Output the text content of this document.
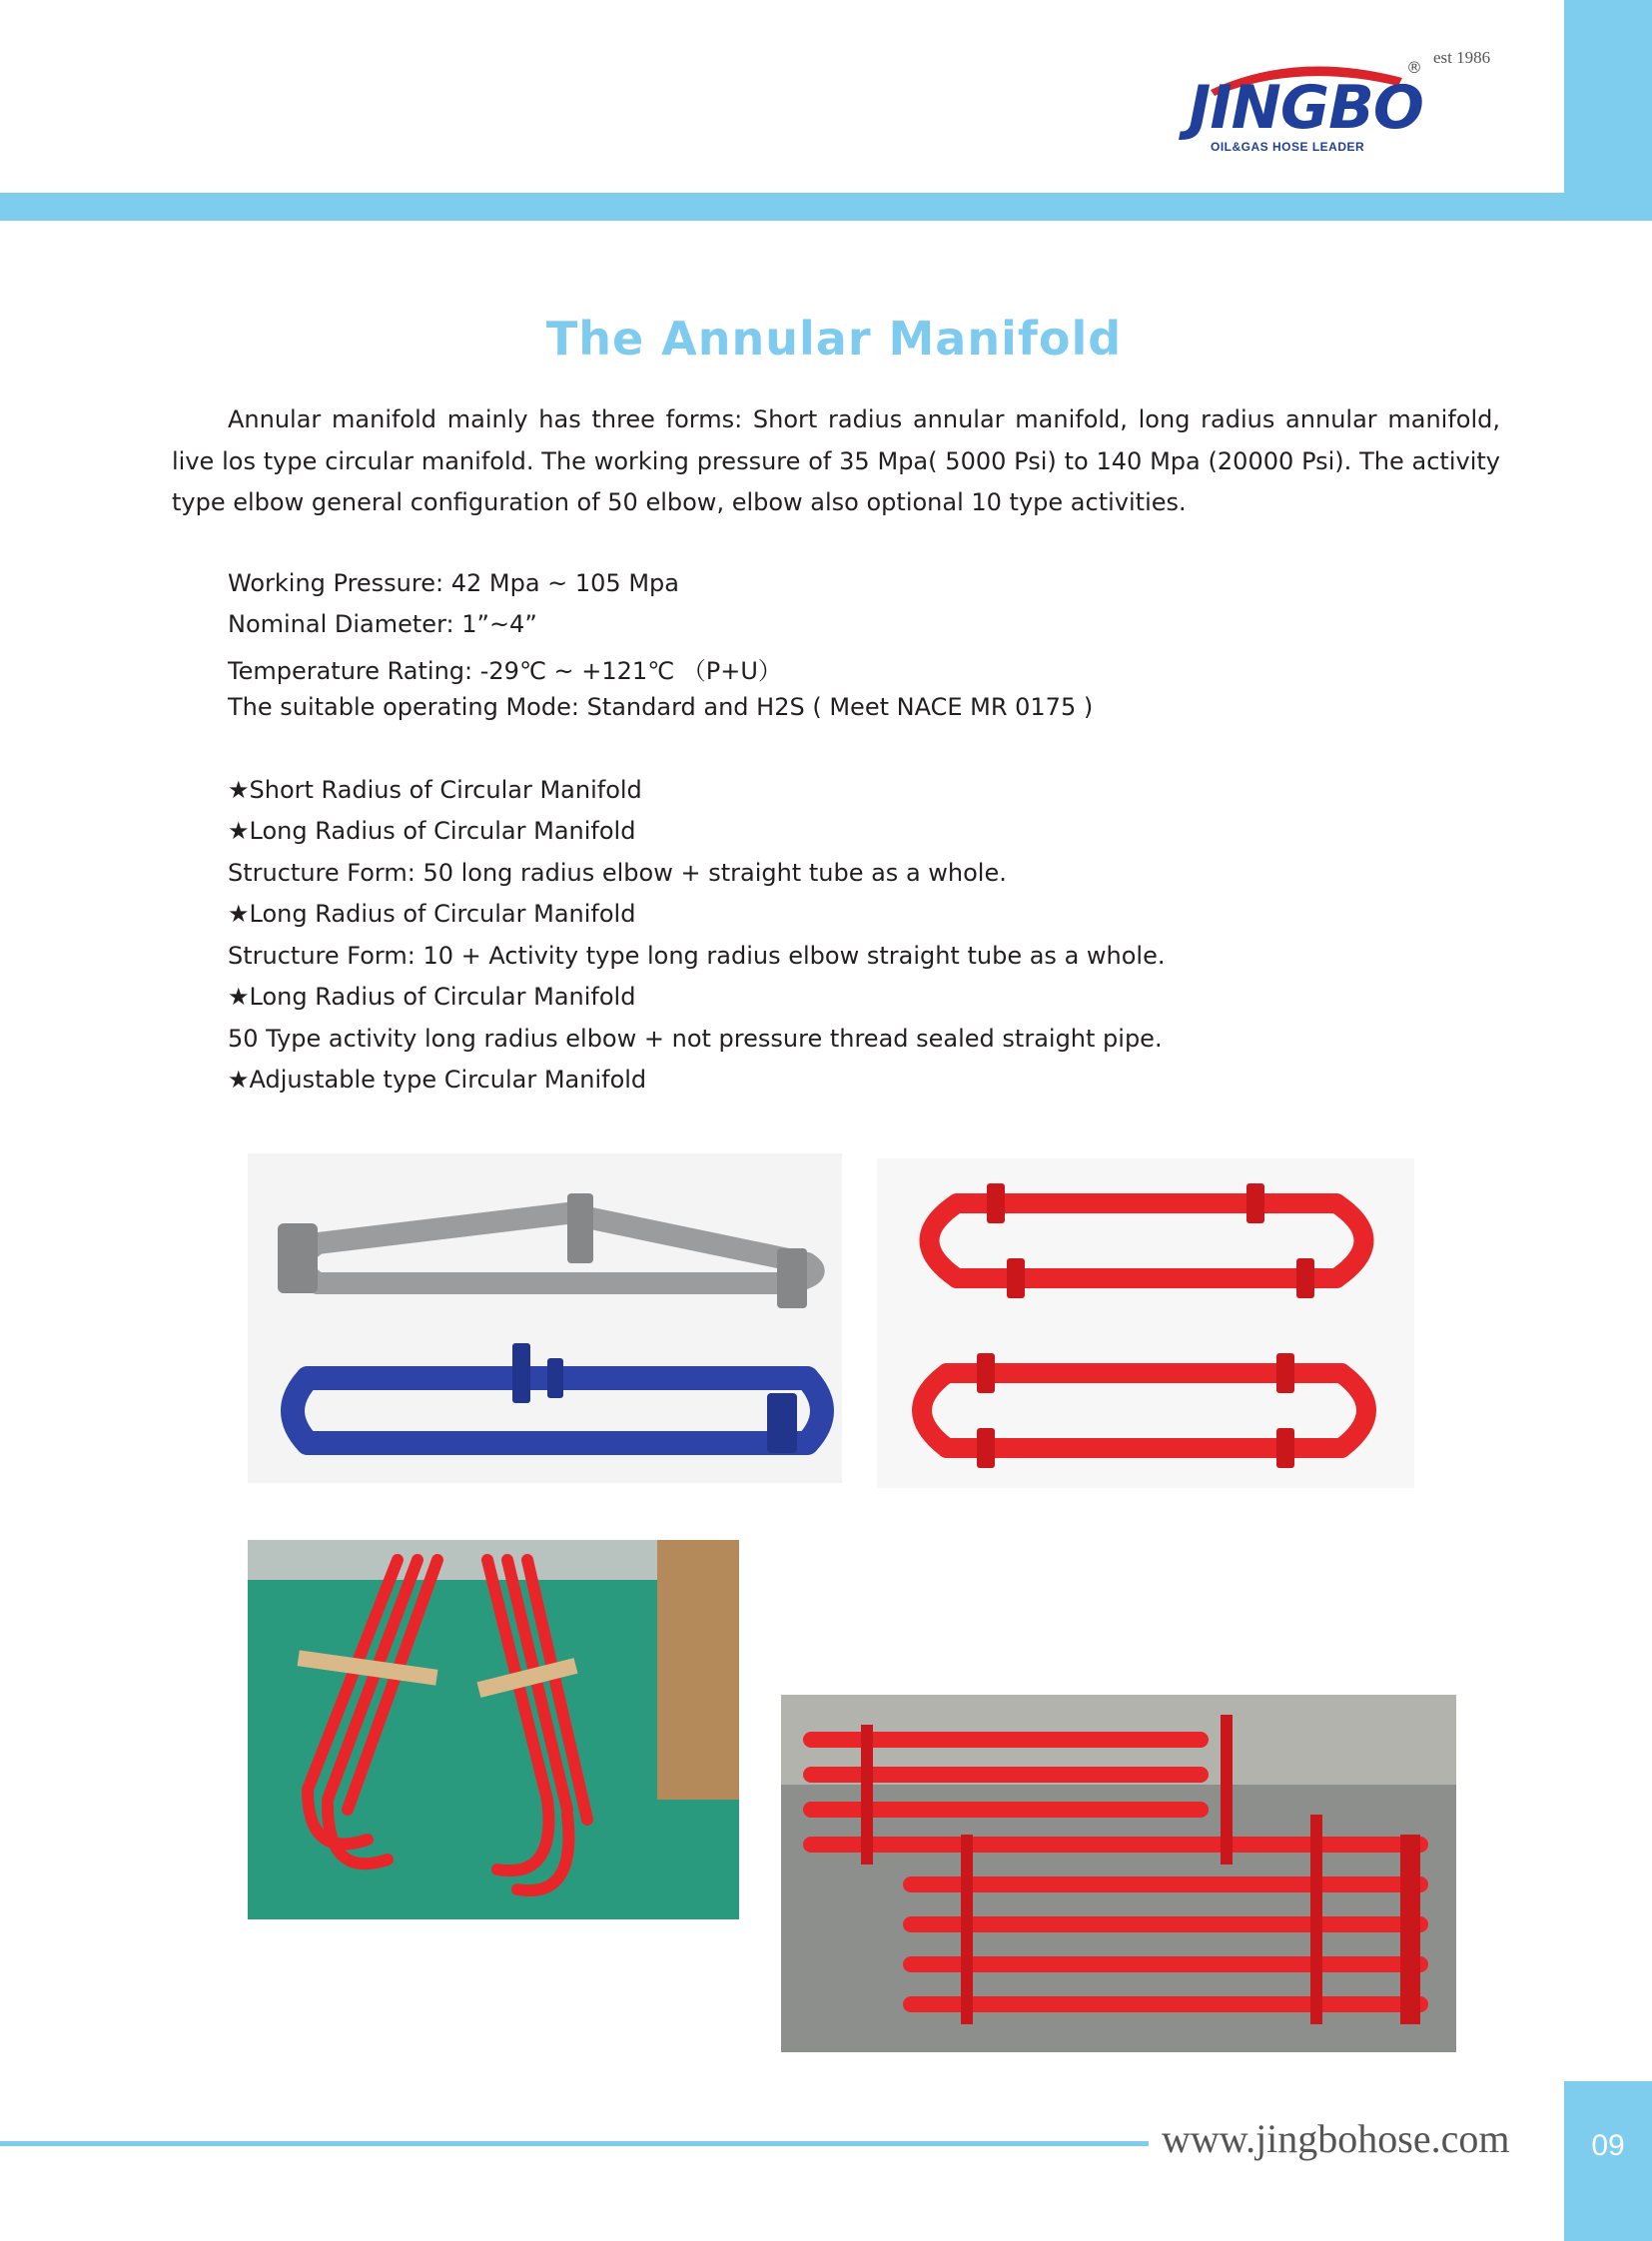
JINGBO
OIL&GAS HOSE LEADER
®
est 1986
The Annular Manifold
Annular manifold mainly has three forms: Short radius annular manifold, long radius annular manifold, live los type circular manifold. The working pressure of 35 Mpa( 5000 Psi) to 140 Mpa (20000 Psi). The activity type elbow general configuration of 50 elbow, elbow also optional 10 type activities.
Working Pressure: 42 Mpa ~ 105 Mpa
Nominal Diameter: 1”~4”
Temperature Rating: -29℃ ~ +121℃ （P+U）
The suitable operating Mode: Standard and H2S ( Meet NACE MR 0175 )
★Short Radius of Circular Manifold
★Long Radius of Circular Manifold
Structure Form: 50 long radius elbow + straight tube as a whole.
★Long Radius of Circular Manifold
Structure Form: 10 + Activity type long radius elbow straight tube as a whole.
★Long Radius of Circular Manifold
50 Type activity long radius elbow + not pressure thread sealed straight pipe.
★Adjustable type Circular Manifold
www.jingbohose.com	09
